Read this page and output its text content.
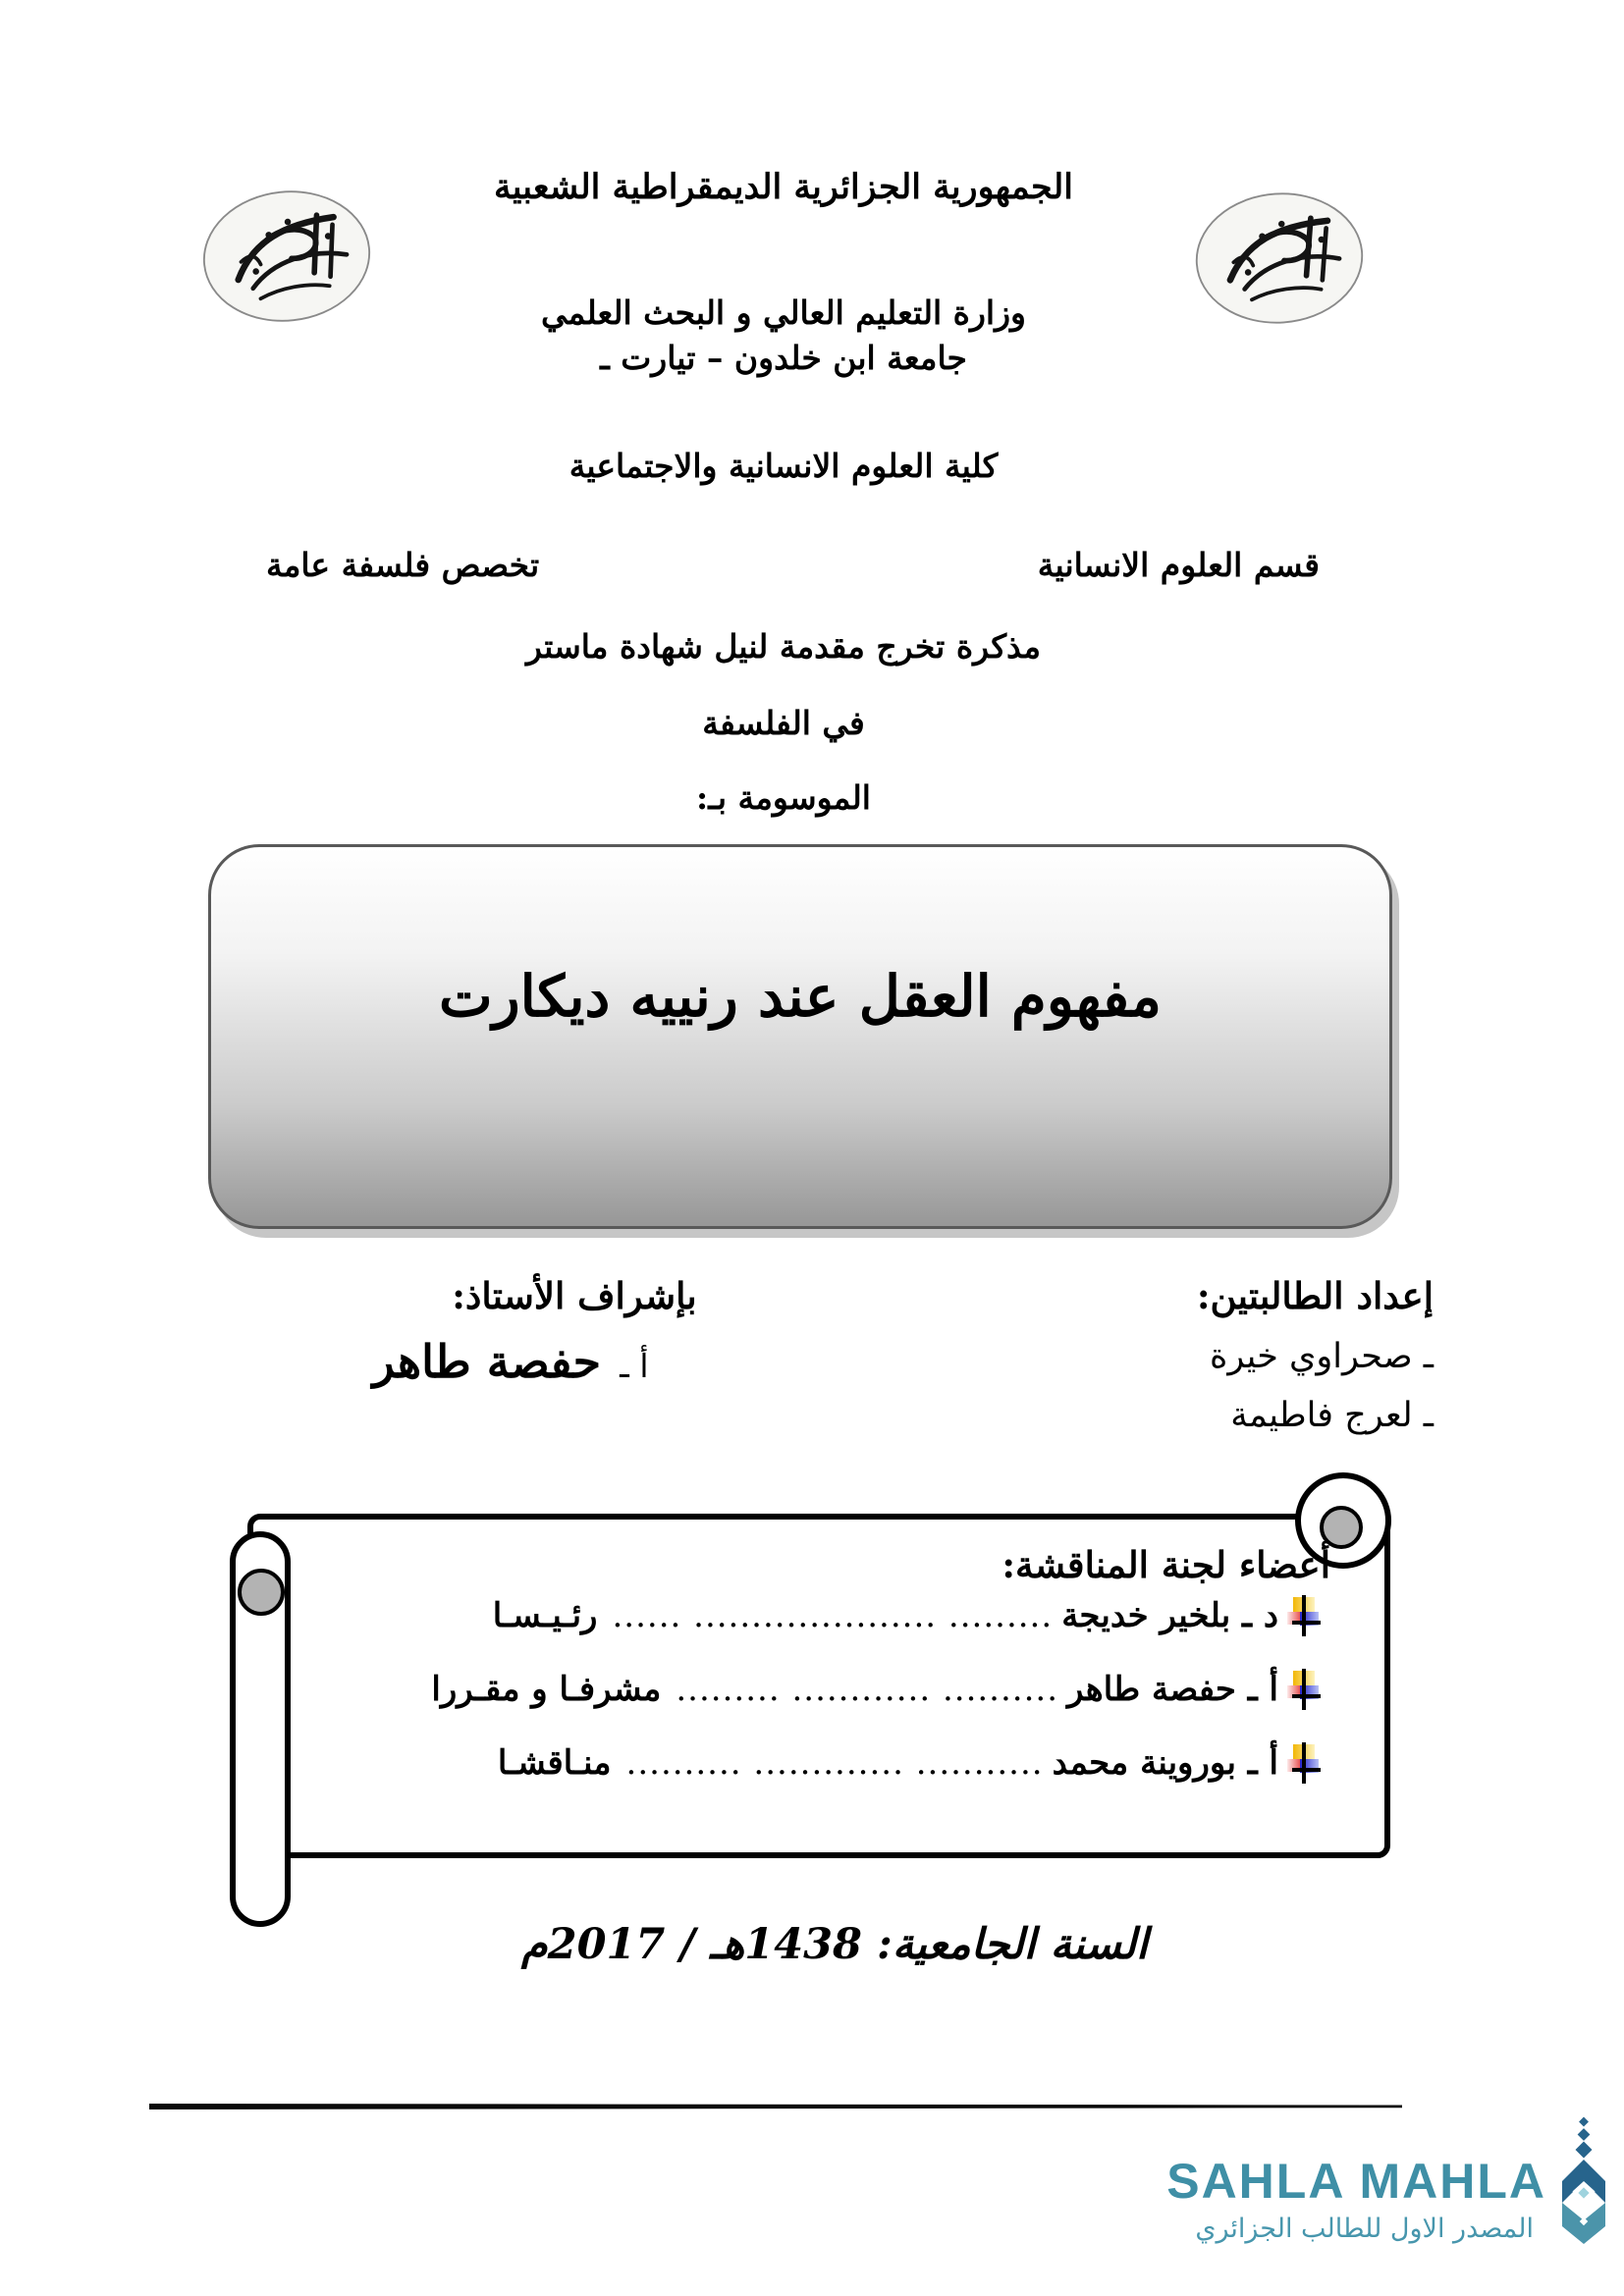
الجمهورية الجزائرية الديمقراطية الشعبية
وزارة التعليم العالي و البحث العلمي
جامعة ابن خلدون – تيارت ـ
كلية العلوم الانسانية والاجتماعية
قسم العلوم الانسانية
تخصص فلسفة عامة
مذكرة تخرج مقدمة لنيل شهادة ماستر
في الفلسفة
الموسومة بـ:
مفهوم العقل عند رنييه ديكارت
إعداد الطالبتين:
ـ صحراوي خيرة
ـ لعرج فاطيمة
بإشراف الأستاذ:
أ ـ حفصة طاهر
أعضاء لجنة المناقشة:
د ـ بلخير خديجة
......... ..................... ......
رئـيـسـا
أ ـ حفصة طاهر
.......... ............ .........
مشرفـا و مقـررا
أ ـ بوروينة محمد
........... ............. ..........
منـاقشـا
السنة الجامعية: 1438هـ / 2017م
SAHLA MAHLA
المصدر الاول للطالب الجزائري
